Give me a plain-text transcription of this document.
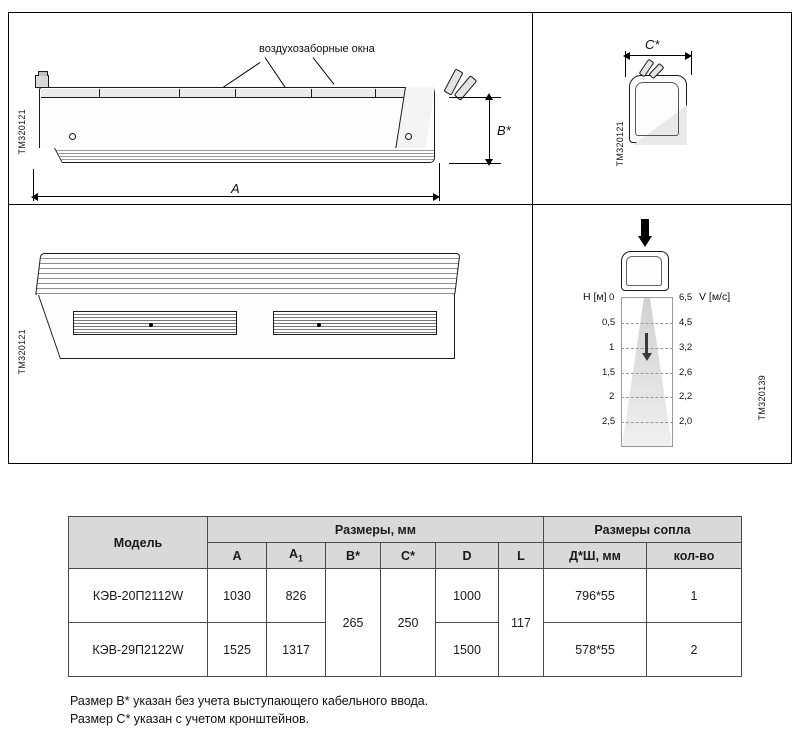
TM320121
воздухозаборные окна
A
B*	TM320121
C*
TM320121
TM320139
H [м]	V [м/с]
0
0,5
1
1,5
2
2,5
6,5
4,5
3,2
2,6
2,2
2,0
Модель	Размеры, мм						Размеры сопла	
	A	$A_1$	B*	C*	D	L	Д*Ш, мм	кол-во
КЭВ-20П2112W	1030	826	265	250	1000	117	796*55	1
КЭВ-29П2122W	1525	1317			1500		578*55	2
Размер B* указан без учета выступающего кабельного ввода.
Размер C* указан с учетом кронштейнов.
